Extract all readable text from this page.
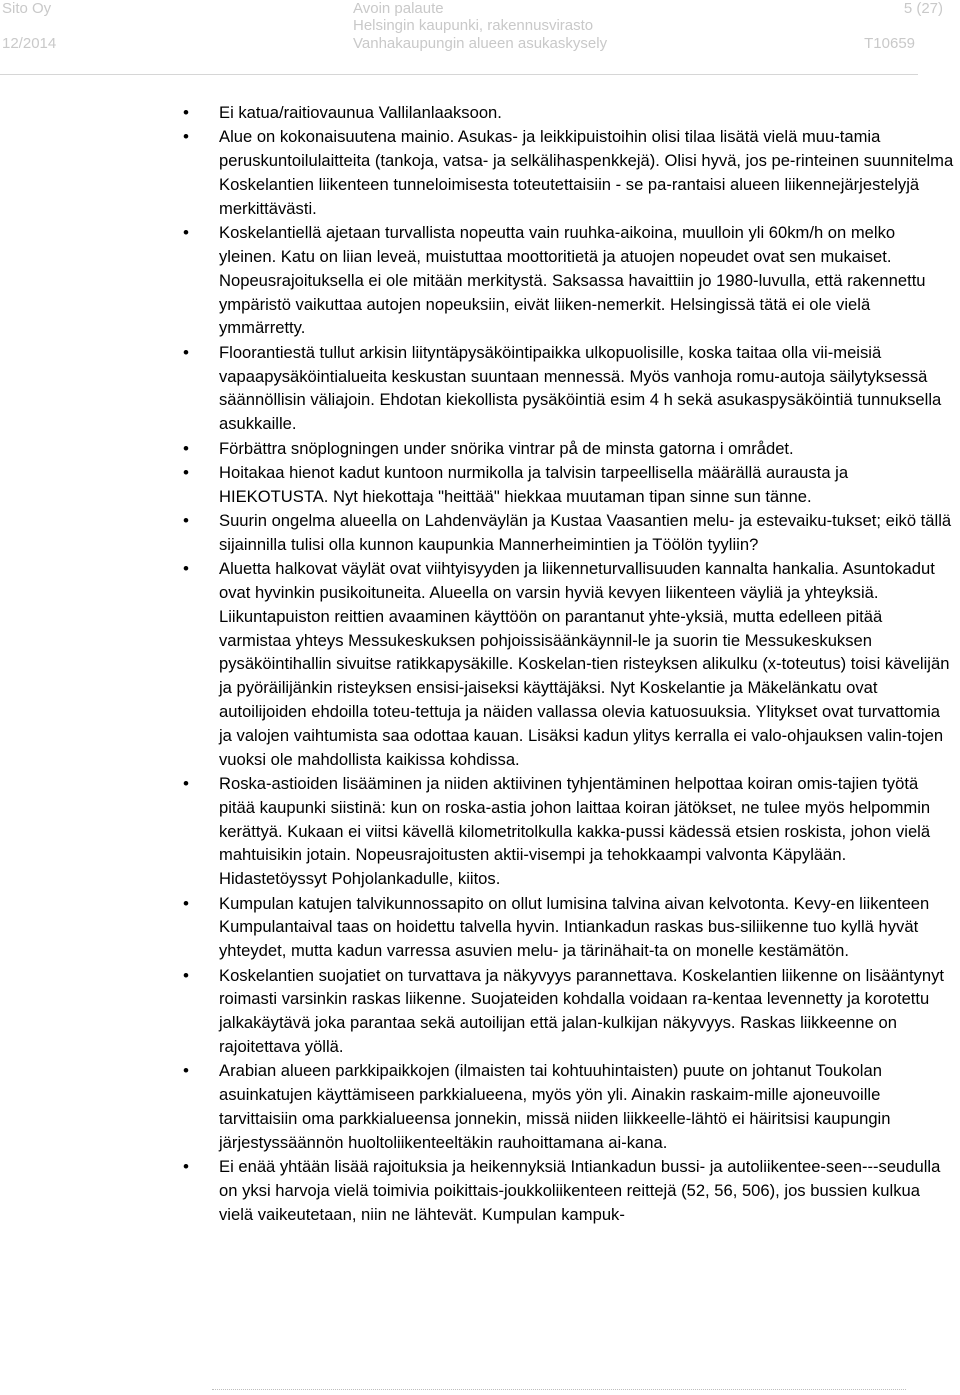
Sito Oy
12/2014
Avoin palaute
Helsingin kaupunki, rakennusvirasto
Vanhakaupungin alueen asukaskysely
5 (27)
T10659
• Ei katua/raitiovaunua Vallilanlaaksoon.
• Alue on kokonaisuutena mainio. Asukas- ja leikkipuistoihin olisi tilaa lisätä vielä muu-tamia peruskuntoilulaitteita (tankoja, vatsa- ja selkälihaspenkkejä). Olisi hyvä, jos pe-rinteinen suunnitelma Koskelantien liikenteen tunneloimisesta toteutettaisiin - se pa-rantaisi alueen liikennejärjestelyjä merkittävästi.
• Koskelantiellä ajetaan turvallista nopeutta vain ruuhka-aikoina, muulloin yli 60km/h on melko yleinen. Katu on liian leveä, muistuttaa moottoritietä ja atuojen nopeudet ovat sen mukaiset. Nopeusrajoituksella ei ole mitään merkitystä. Saksassa havaittiin jo 1980-luvulla, että rakennettu ympäristö vaikuttaa autojen nopeuksiin, eivät liiken-nemerkit. Helsingissä tätä ei ole vielä ymmärretty.
• Floorantiestä tullut arkisin liityntäpysäköintipaikka ulkopuolisille, koska taitaa olla vii-meisiä vapaapysäköintialueita keskustan suuntaan mennessä. Myös vanhoja romu-autoja säilytyksessä säännöllisin väliajoin. Ehdotan kiekollista pysäköintiä esim 4 h sekä asukaspysäköintiä tunnuksella asukkaille.
• Förbättra snöplogningen under snörika vintrar på de minsta gatorna i området.
• Hoitakaa hienot kadut kuntoon nurmikolla ja talvisin tarpeellisella määrällä aurausta ja HIEKOTUSTA. Nyt hiekottaja "heittää" hiekkaa muutaman tipan sinne sun tänne.
• Suurin ongelma alueella on Lahdenväylän ja Kustaa Vaasantien melu- ja estevaiku-tukset; eikö tällä sijainnilla tulisi olla kunnon kaupunkia Mannerheimintien ja Töölön tyyliin?
• Aluetta halkovat väylät ovat viihtyisyyden ja liikenneturvallisuuden kannalta hankalia. Asuntokadut ovat hyvinkin pusikoituneita. Alueella on varsin hyviä kevyen liikenteen väyliä ja yhteyksiä. Liikuntapuiston reittien avaaminen käyttöön on parantanut yhte-yksiä, mutta edelleen pitää varmistaa yhteys Messukeskuksen pohjoissisäänkäynnil-le ja suorin tie Messukeskuksen pysäköintihallin sivuitse ratikkapysäkille. Koskelan-tien risteyksen alikulku (x-toteutus) toisi kävelijän ja pyöräilijänkin risteyksen ensisi-jaiseksi käyttäjäksi. Nyt Koskelantie ja Mäkelänkatu ovat autoilijoiden ehdoilla toteu-tettuja ja näiden vallassa olevia katuosuuksia. Ylitykset ovat turvattomia ja valojen vaihtumista saa odottaa kauan. Lisäksi kadun ylitys kerralla ei valo-ohjauksen valin-tojen vuoksi ole mahdollista kaikissa kohdissa.
• Roska-astioiden lisääminen ja niiden aktiivinen tyhjentäminen helpottaa koiran omis-tajien työtä pitää kaupunki siistinä: kun on roska-astia johon laittaa koiran jätökset, ne tulee myös helpommin kerättyä. Kukaan ei viitsi kävellä kilometritolkulla kakka-pussi kädessä etsien roskista, johon vielä mahtuisikin jotain. Nopeusrajoitusten aktii-visempi ja tehokkaampi valvonta Käpylään. Hidastetöyssyt Pohjolankadulle, kiitos.
• Kumpulan katujen talvikunnossapito on ollut lumisina talvina aivan kelvotonta. Kevy-en liikenteen Kumpulantaival taas on hoidettu talvella hyvin. Intiankadun raskas bus-siliikenne tuo kyllä hyvät yhteydet, mutta kadun varressa asuvien melu- ja tärinähait-ta on monelle kestämätön.
• Koskelantien suojatiet on turvattava ja näkyvyys parannettava. Koskelantien liikenne on lisääntynyt roimasti varsinkin raskas liikenne. Suojateiden kohdalla voidaan ra-kentaa levennetty ja korotettu jalkakäytävä joka parantaa sekä autoilijan että jalan-kulkijan näkyvyys. Raskas liikkeenne on rajoitettava yöllä.
• Arabian alueen parkkipaikkojen (ilmaisten tai kohtuuhintaisten) puute on johtanut Toukolan asuinkatujen käyttämiseen parkkialueena, myös yön yli. Ainakin raskaim-mille ajoneuvoille tarvittaisiin oma parkkialueensa jonnekin, missä niiden liikkeelle-lähtö ei häiritsisi kaupungin järjestyssäännön huoltoliikenteeltäkin rauhoittamana ai-kana.
• Ei enää yhtään lisää rajoituksia ja heikennyksiä Intiankadun bussi- ja autoliikentee-seen---seudulla on yksi harvoja vielä toimivia poikittais-joukkoliikenteen reittejä (52, 56, 506), jos bussien kulkua vielä vaikeutetaan, niin ne lähtevät. Kumpulan kampuk-
